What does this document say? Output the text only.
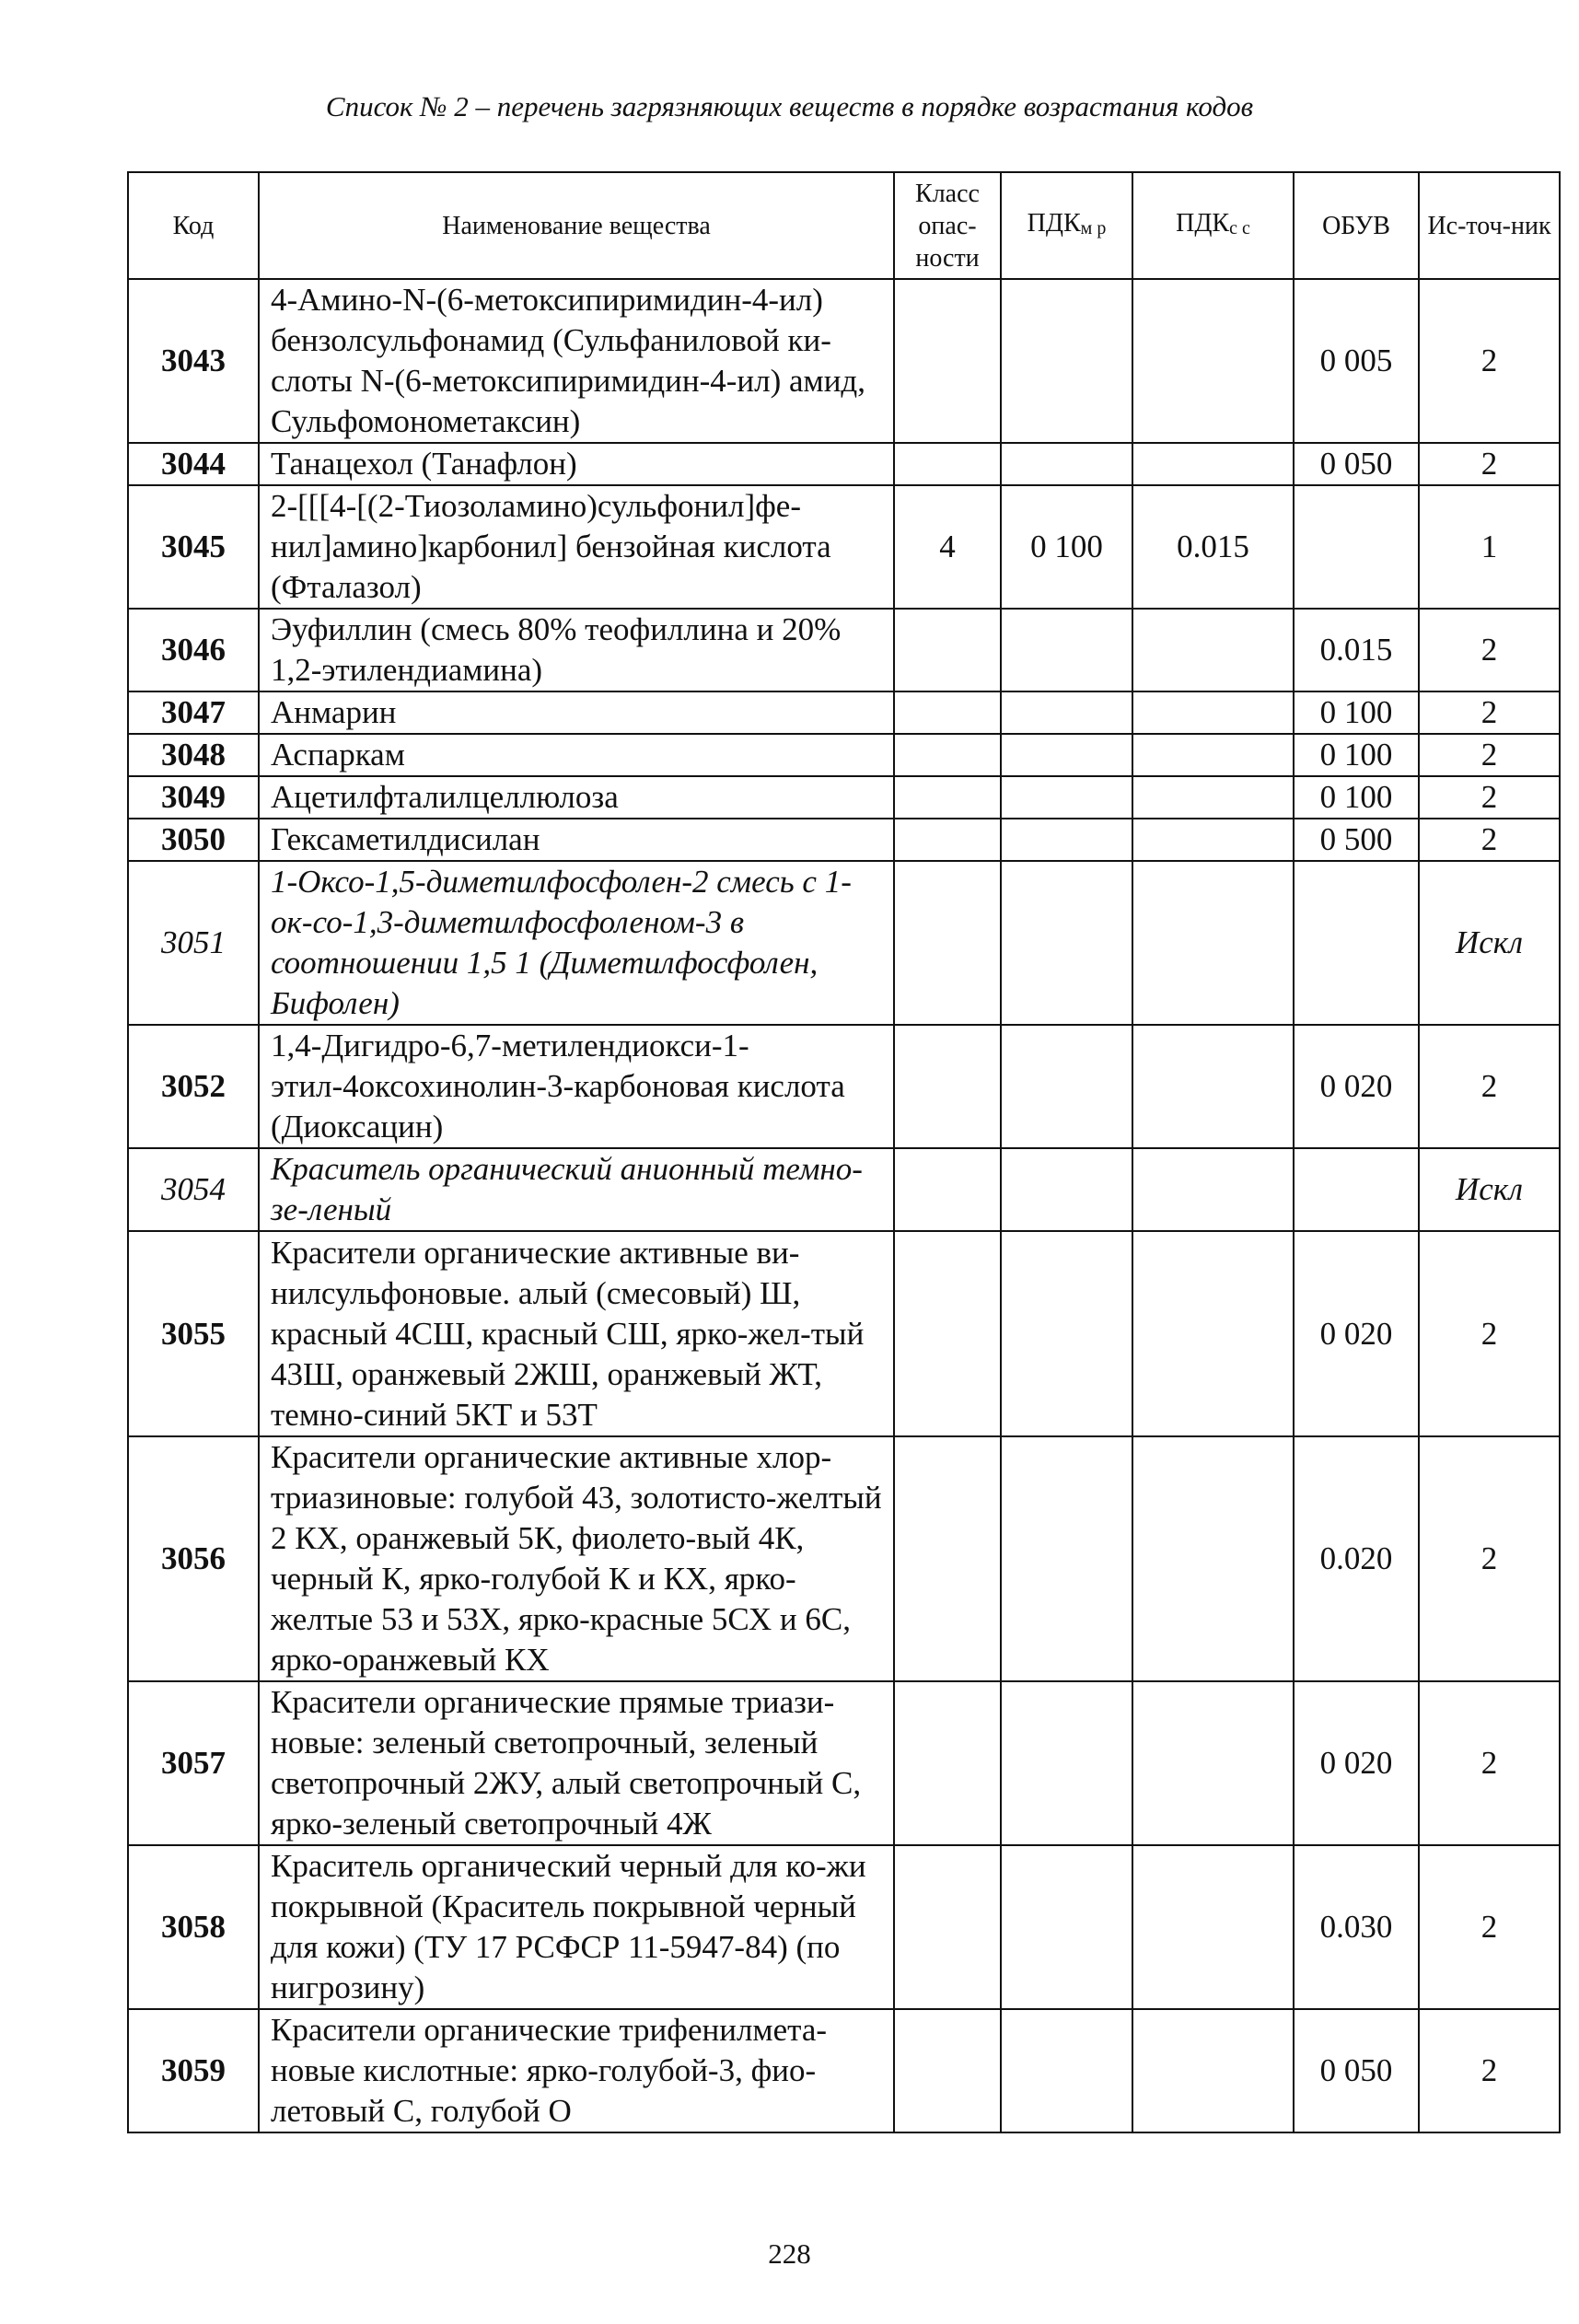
Список № 2 – перечень загрязняющих веществ в порядке возрастания кодов
Код	Наименование вещества	Класс опас-ности	ПДКм р	ПДКс с	ОБУВ	Ис-точ-ник
3043	4-Амино-N-(6-метоксипиримидин-4-ил) бензолсульфонамид (Сульфаниловой ки-слоты N-(6-метоксипиримидин-4-ил) амид, Сульфомонометаксин)				0 005	2
3044	Танацехол (Танафлон)				0 050	2
3045	2-[[[4-[(2-Тиозоламино)сульфонил]фе-нил]амино]карбонил] бензойная кислота (Фталазол)	4	0 100	0.015		1
3046	Эуфиллин (смесь 80% теофиллина и 20% 1,2-этилендиамина)				0.015	2
3047	Анмарин				0 100	2
3048	Аспаркам				0 100	2
3049	Ацетилфталилцеллюлоза				0 100	2
3050	Гексаметилдисилан				0 500	2
3051	1-Оксо-1,5-диметилфосфолен-2 смесь с 1-ок-со-1,3-диметилфосфоленом-3 в соотношении 1,5 1 (Диметилфосфолен, Бифолен)					Искл
3052	1,4-Дигидро-6,7-метилендиокси-1-этил-4оксохинолин-3-карбоновая кислота (Диоксацин)				0 020	2
3054	Краситель органический анионный темно-зе-леный					Искл
3055	Красители органические активные ви-нилсульфоновые. алый (смесовый) Ш, красный 4СШ, красный СШ, ярко-жел-тый 43Ш, оранжевый 2ЖШ, оранжевый ЖТ, темно-синий 5КТ и 53Т				0 020	2
3056	Красители органические активные хлор-триазиновые: голубой 43, золотисто-желтый 2 КХ, оранжевый 5К, фиолето-вый 4К, черный К, ярко-голубой К и КХ, ярко-желтые 53 и 53Х, ярко-красные 5СХ и 6С, ярко-оранжевый КХ				0.020	2
3057	Красители органические прямые триази-новые: зеленый светопрочный, зеленый светопрочный 2ЖУ, алый светопрочный С, ярко-зеленый светопрочный 4Ж				0 020	2
3058	Краситель органический черный для ко-жи покрывной (Краситель покрывной черный для кожи) (ТУ 17 РСФСР 11-5947-84) (по нигрозину)				0.030	2
3059	Красители органические трифенилмета-новые кислотные: ярко-голубой-3, фио-летовый С, голубой О				0 050	2
228
